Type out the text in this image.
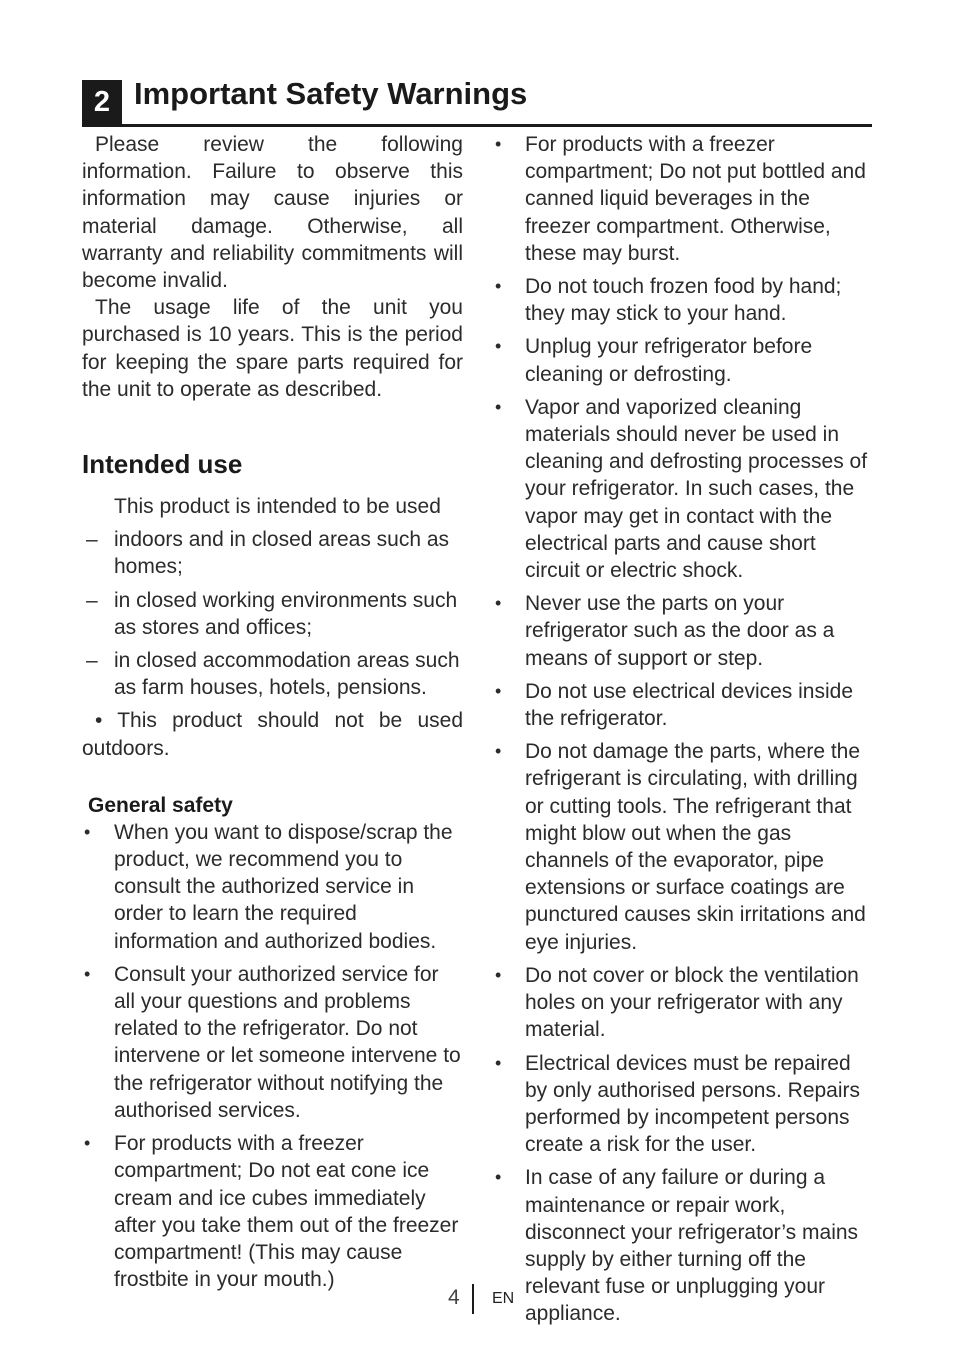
2 Important Safety Warnings

Please review the following information. Failure to observe this information may cause injuries or material damage. Otherwise, all warranty and reliability commitments will become invalid.

The usage life of the unit you purchased is 10 years. This is the period for keeping the spare parts required for the unit to operate as described.

Intended use

This product is intended to be used

– indoors and in closed areas such as homes;
– in closed working environments such as stores and offices;
– in closed accommodation areas such as farm houses, hotels, pensions.

• This product should not be used outdoors.

General safety
• When you want to dispose/scrap the product, we recommend you to consult the authorized service in order to learn the required information and authorized bodies.
• Consult your authorized service for all your questions and problems related to the refrigerator. Do not intervene or let someone intervene to the refrigerator without notifying the authorised services.
• For products with a freezer compartment; Do not eat cone ice cream and ice cubes immediately after you take them out of the freezer compartment! (This may cause frostbite in your mouth.)
• For products with a freezer compartment; Do not put bottled and canned liquid beverages in the freezer compartment. Otherwise, these may burst.
• Do not touch frozen food by hand; they may stick to your hand.
• Unplug your refrigerator before cleaning or defrosting.
• Vapor and vaporized cleaning materials should never be used in cleaning and defrosting processes of your refrigerator. In such cases, the vapor may get in contact with the electrical parts and cause short circuit or electric shock.
• Never use the parts on your refrigerator such as the door as a means of support or step.
• Do not use electrical devices inside the refrigerator.
• Do not damage the parts, where the refrigerant is circulating, with drilling or cutting tools. The refrigerant that might blow out when the gas channels of the evaporator, pipe extensions or surface coatings are punctured causes skin irritations and eye injuries.
• Do not cover or block the ventilation holes on your refrigerator with any material.
• Electrical devices must be repaired by only authorised persons. Repairs performed by incompetent persons create a risk for the user.
• In case of any failure or during a maintenance or repair work, disconnect your refrigerator’s mains supply by either turning off the relevant fuse or unplugging your appliance.
4 EN
